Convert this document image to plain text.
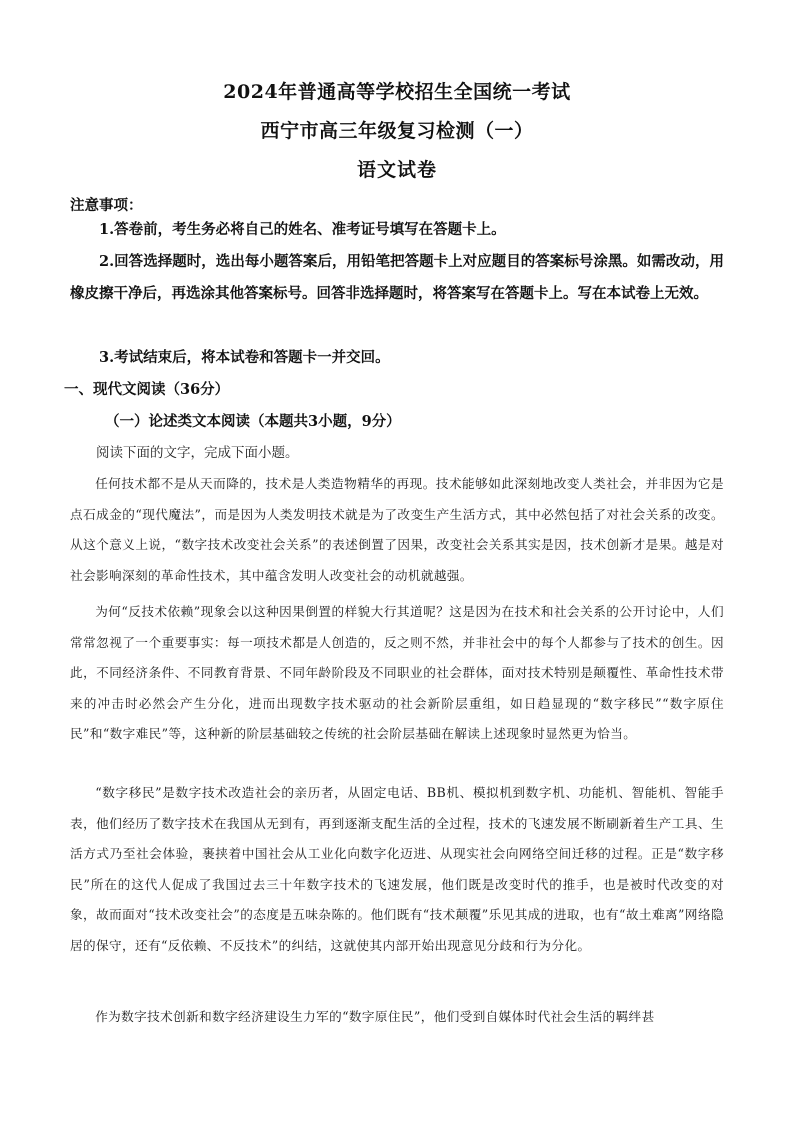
2024年普通高等学校招生全国统一考试
西宁市高三年级复习检测（一）
语文试卷
注意事项：

1.答卷前，考生务必将自己的姓名、准考证号填写在答题卡上。

2.回答选择题时，选出每小题答案后，用铅笔把答题卡上对应题目的答案标号涂黑。如需改动，用橡皮擦干净后，再选涂其他答案标号。回答非选择题时，将答案写在答题卡上。写在本试卷上无效。

3.考试结束后，将本试卷和答题卡一并交回。

一、现代文阅读（36分）
（一）论述类文本阅读（本题共3小题，9分）
阅读下面的文字，完成下面小题。

任何技术都不是从天而降的，技术是人类造物精华的再现。技术能够如此深刻地改变人类社会，并非因为它是点石成金的“现代魔法”，而是因为人类发明技术就是为了改变生产生活方式，其中必然包括了对社会关系的改变。从这个意义上说，“数字技术改变社会关系”的表述倒置了因果，改变社会关系其实是因，技术创新才是果。越是对社会影响深刻的革命性技术，其中蕴含发明人改变社会的动机就越强。

为何“反技术依赖”现象会以这种因果倒置的样貌大行其道呢？这是因为在技术和社会关系的公开讨论中，人们常常忽视了一个重要事实：每一项技术都是人创造的，反之则不然，并非社会中的每个人都参与了技术的创生。因此，不同经济条件、不同教育背景、不同年龄阶段及不同职业的社会群体，面对技术特别是颠覆性、革命性技术带来的冲击时必然会产生分化，进而出现数字技术驱动的社会新阶层重组，如日趋显现的“数字移民”“数字原住民”和“数字难民”等，这种新的阶层基础较之传统的社会阶层基础在解读上述现象时显然更为恰当。

“数字移民”是数字技术改造社会的亲历者，从固定电话、BB机、模拟机到数字机、功能机、智能机、智能手表，他们经历了数字技术在我国从无到有，再到逐渐支配生活的全过程，技术的飞速发展不断刷新着生产工具、生活方式乃至社会体验，裹挟着中国社会从工业化向数字化迈进、从现实社会向网络空间迁移的过程。正是“数字移民”所在的这代人促成了我国过去三十年数字技术的飞速发展，他们既是改变时代的推手，也是被时代改变的对象，故而面对“技术改变社会”的态度是五味杂陈的。他们既有“技术颠覆”乐见其成的进取，也有“故土难离”网络隐居的保守，还有“反依赖、不反技术”的纠结，这就使其内部开始出现意见分歧和行为分化。

作为数字技术创新和数字经济建设生力军的“数字原住民”，他们受到自媒体时代社会生活的羁绊甚
